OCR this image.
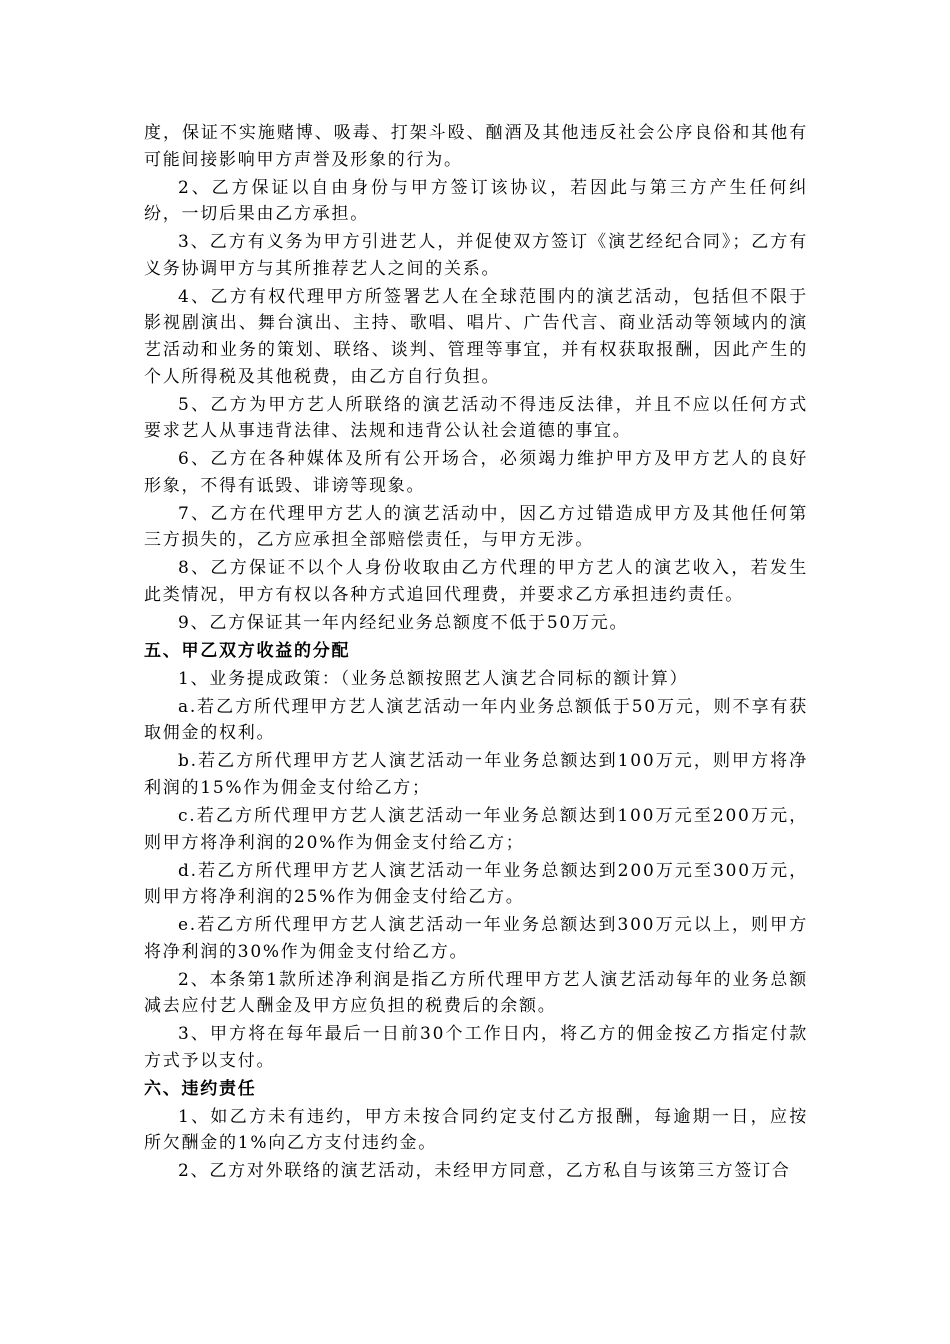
度，保证不实施赌博、吸毒、打架斗殴、酗酒及其他违反社会公序良俗和其他有可能间接影响甲方声誉及形象的行为。

2、乙方保证以自由身份与甲方签订该协议，若因此与第三方产生任何纠纷，一切后果由乙方承担。

3、乙方有义务为甲方引进艺人，并促使双方签订《演艺经纪合同》；乙方有义务协调甲方与其所推荐艺人之间的关系。

4、乙方有权代理甲方所签署艺人在全球范围内的演艺活动，包括但不限于影视剧演出、舞台演出、主持、歌唱、唱片、广告代言、商业活动等领域内的演艺活动和业务的策划、联络、谈判、管理等事宜，并有权获取报酬，因此产生的个人所得税及其他税费，由乙方自行负担。

5、乙方为甲方艺人所联络的演艺活动不得违反法律，并且不应以任何方式要求艺人从事违背法律、法规和违背公认社会道德的事宜。

6、乙方在各种媒体及所有公开场合，必须竭力维护甲方及甲方艺人的良好形象，不得有诋毁、诽谤等现象。

7、乙方在代理甲方艺人的演艺活动中，因乙方过错造成甲方及其他任何第三方损失的，乙方应承担全部赔偿责任，与甲方无涉。

8、乙方保证不以个人身份收取由乙方代理的甲方艺人的演艺收入，若发生此类情况，甲方有权以各种方式追回代理费，并要求乙方承担违约责任。

9、乙方保证其一年内经纪业务总额度不低于50万元。

五、甲乙双方收益的分配

1、业务提成政策：（业务总额按照艺人演艺合同标的额计算）

a.若乙方所代理甲方艺人演艺活动一年内业务总额低于50万元，则不享有获取佣金的权利。

b.若乙方所代理甲方艺人演艺活动一年业务总额达到100万元，则甲方将净利润的15%作为佣金支付给乙方；

c.若乙方所代理甲方艺人演艺活动一年业务总额达到100万元至200万元，则甲方将净利润的20%作为佣金支付给乙方；

d.若乙方所代理甲方艺人演艺活动一年业务总额达到200万元至300万元，则甲方将净利润的25%作为佣金支付给乙方。

e.若乙方所代理甲方艺人演艺活动一年业务总额达到300万元以上，则甲方将净利润的30%作为佣金支付给乙方。

2、本条第1款所述净利润是指乙方所代理甲方艺人演艺活动每年的业务总额减去应付艺人酬金及甲方应负担的税费后的余额。

3、甲方将在每年最后一日前30个工作日内，将乙方的佣金按乙方指定付款方式予以支付。

六、违约责任

1、如乙方未有违约，甲方未按合同约定支付乙方报酬，每逾期一日，应按所欠酬金的1%向乙方支付违约金。

2、乙方对外联络的演艺活动，未经甲方同意，乙方私自与该第三方签订合
